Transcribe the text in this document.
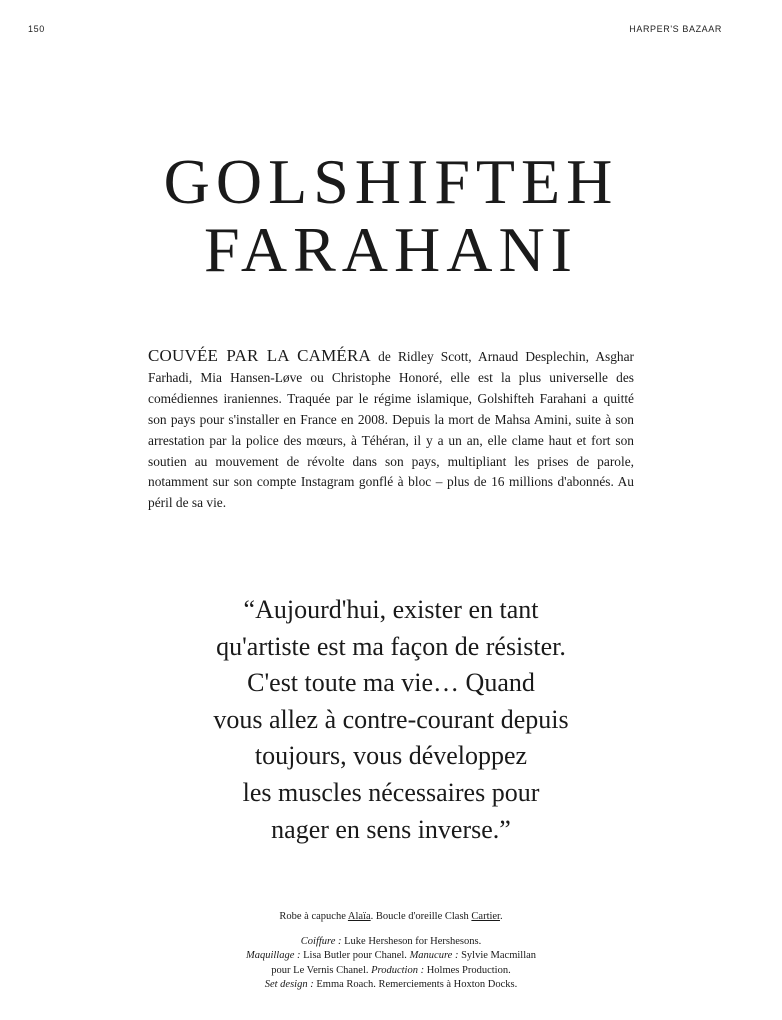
150	HARPER'S BAZAAR
GOLSHIFTEH
FARAHANI

COUVÉE PAR LA CAMÉRA de Ridley Scott, Arnaud Desplechin, Asghar Farhadi, Mia Hansen-Løve ou Christophe Honoré, elle est la plus universelle des comédiennes iraniennes. Traquée par le régime islamique, Golshifteh Farahani a quitté son pays pour s'installer en France en 2008. Depuis la mort de Mahsa Amini, suite à son arrestation par la police des mœurs, à Téhéran, il y a un an, elle clame haut et fort son soutien au mouvement de révolte dans son pays, multipliant les prises de parole, notamment sur son compte Instagram gonflé à bloc – plus de 16 millions d'abonnés. Au péril de sa vie.

“Aujourd'hui, exister en tant
qu'artiste est ma façon de résister.
C'est toute ma vie… Quand
vous allez à contre-courant depuis
toujours, vous développez
les muscles nécessaires pour
nager en sens inverse.”

Robe à capuche Alaïa. Boucle d'oreille Clash Cartier.

Coiffure : Luke Hersheson for Hershesons.

Maquillage : Lisa Butler pour Chanel. Manucure : Sylvie Macmillan

pour Le Vernis Chanel. Production : Holmes Production.

Set design : Emma Roach. Remerciements à Hoxton Docks.
